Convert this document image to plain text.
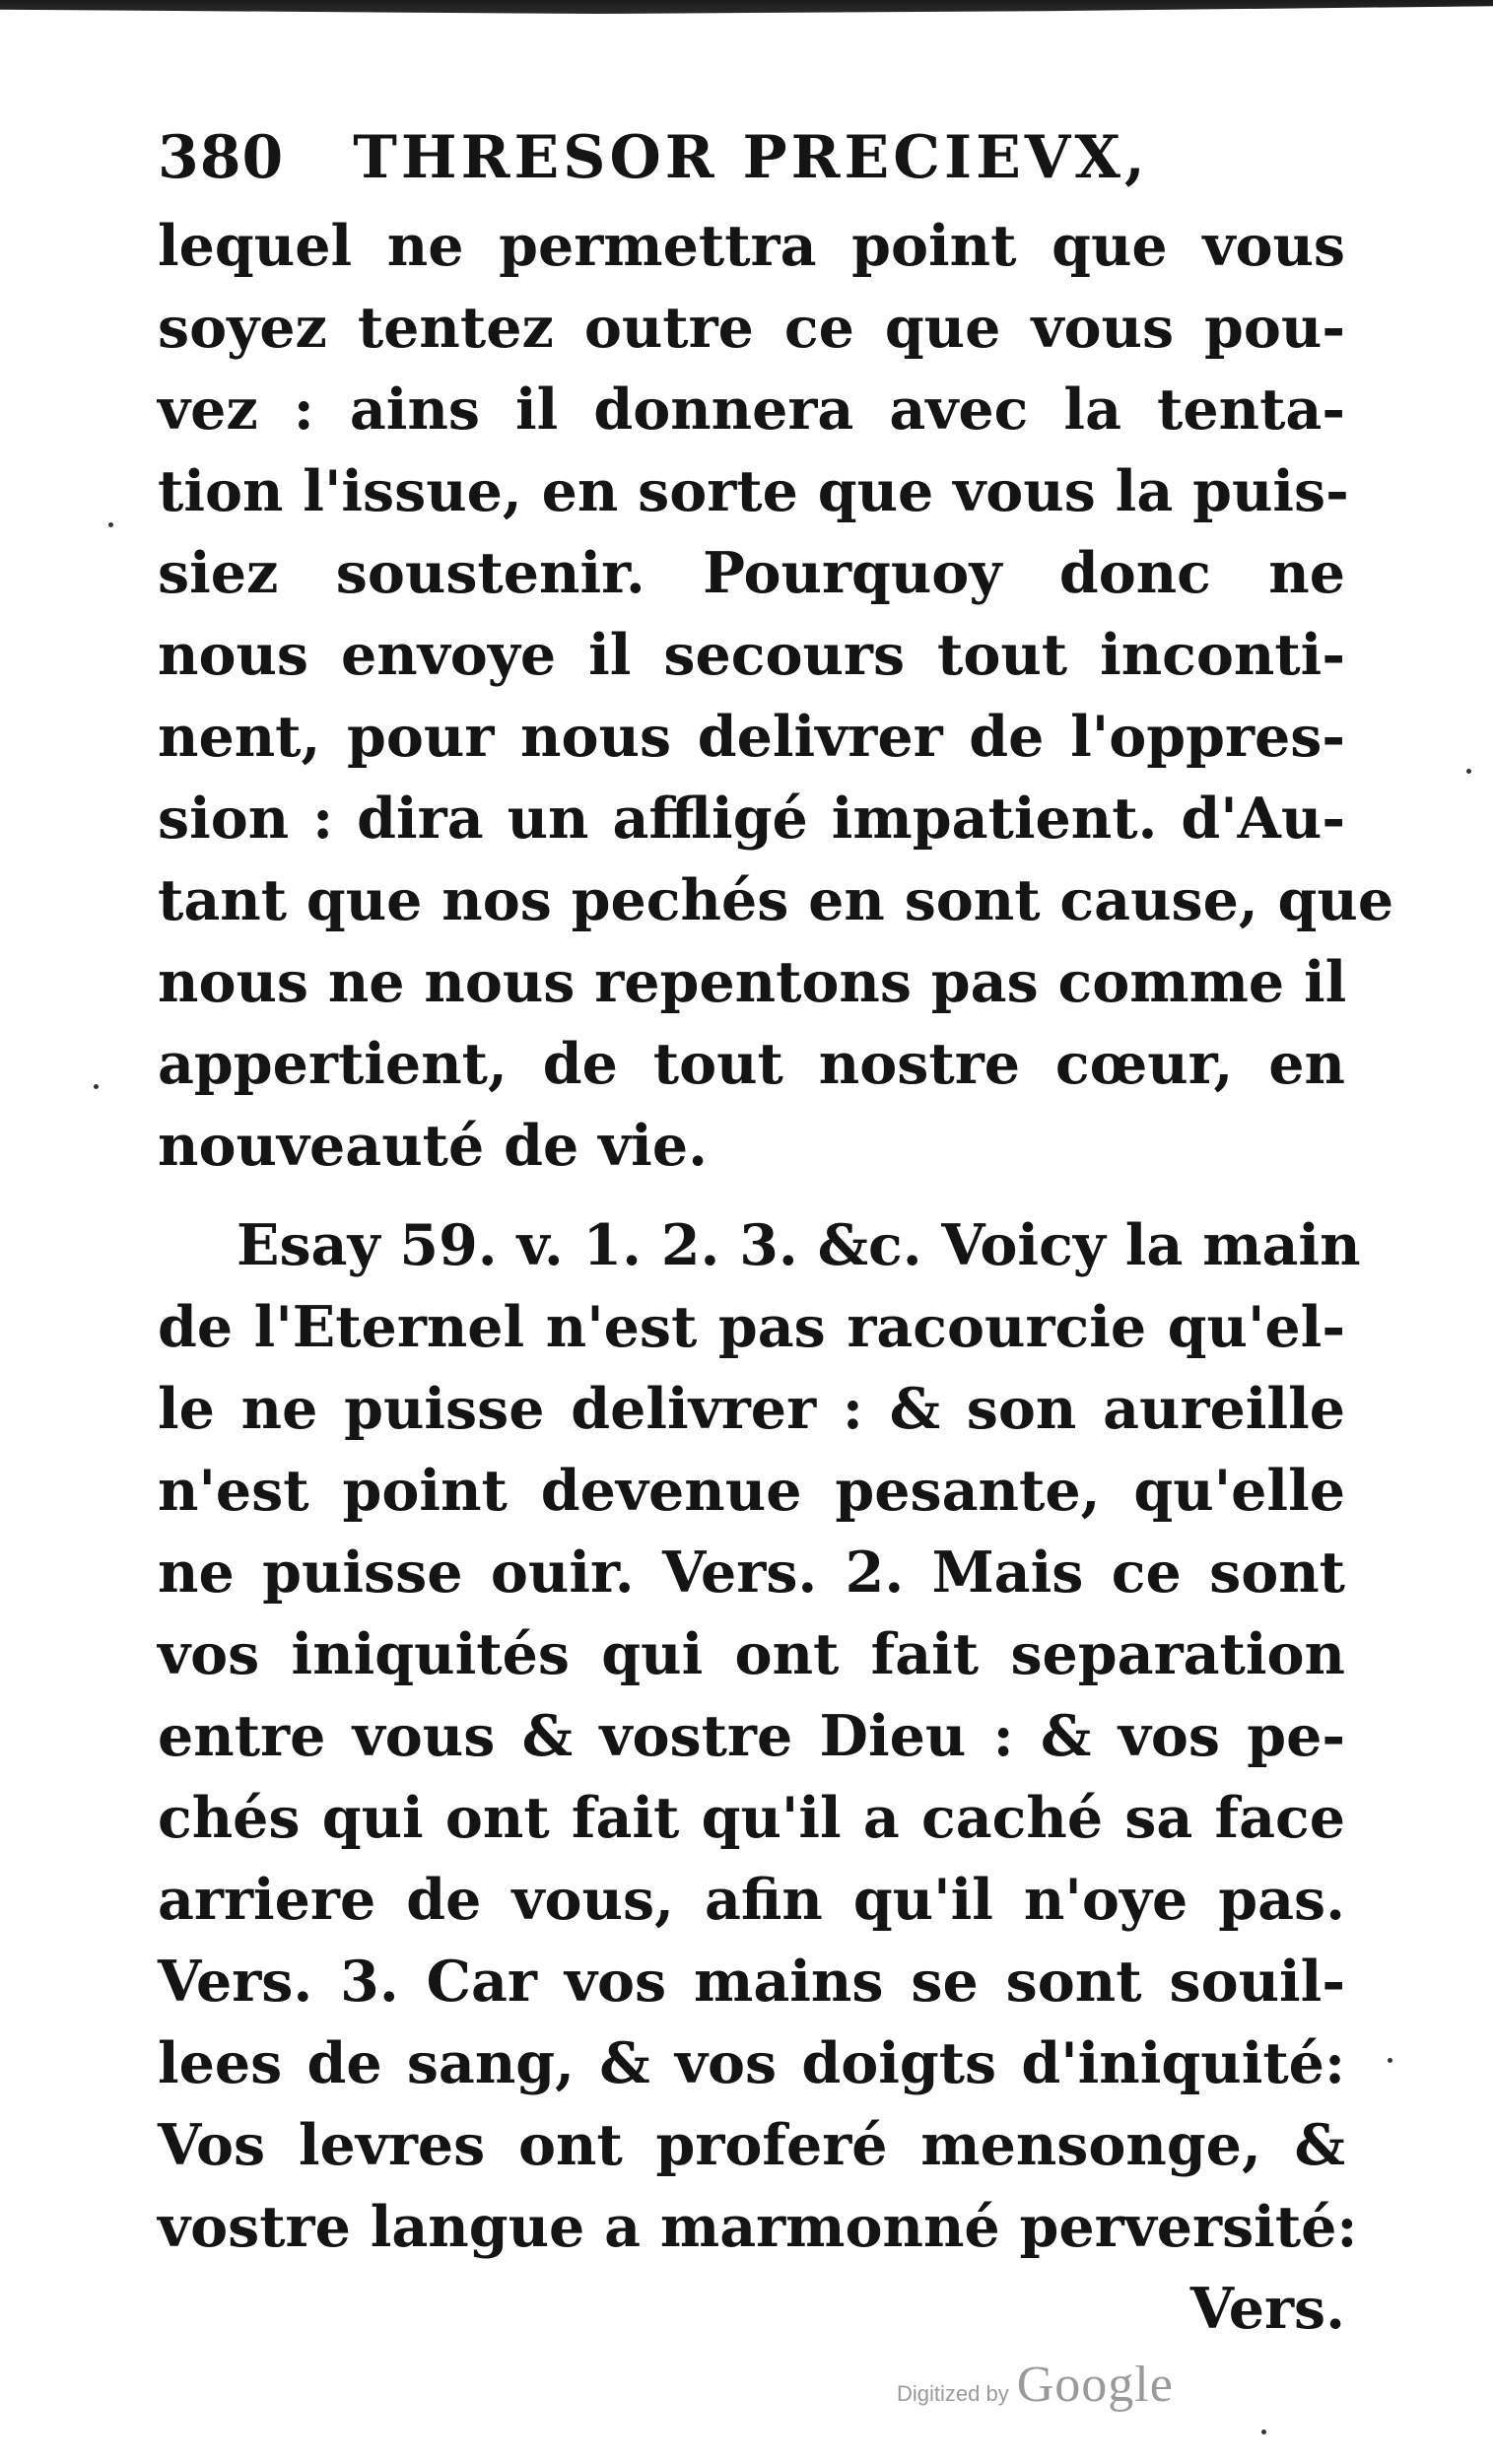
380 THRESOR PRECIEVX,
lequel ne permettra point que vous
soyez tentez outre ce que vous pou-
vez : ains il donnera avec la tenta-
tion l'issue, en sorte que vous la puis-
siez soustenir. Pourquoy donc ne
nous envoye il secours tout inconti-
nent, pour nous delivrer de l'oppres-
sion : dira un affligé impatient. d'Au-
tant que nos pechés en sont cause, que
nous ne nous repentons pas comme il
appertient, de tout nostre cœur, en
nouveauté de vie.
Esay 59. v. 1. 2. 3. &c. Voicy la main
de l'Eternel n'est pas racourcie qu'el-
le ne puisse delivrer : & son aureille
n'est point devenue pesante, qu'elle
ne puisse ouir. Vers. 2. Mais ce sont
vos iniquités qui ont fait separation
entre vous & vostre Dieu : & vos pe-
chés qui ont fait qu'il a caché sa face
arriere de vous, afin qu'il n'oye pas.
Vers. 3. Car vos mains se sont souil-
lees de sang, & vos doigts d'iniquité:
Vos levres ont proferé mensonge, &
vostre langue a marmonné perversité:
Vers.
Digitized by Google
